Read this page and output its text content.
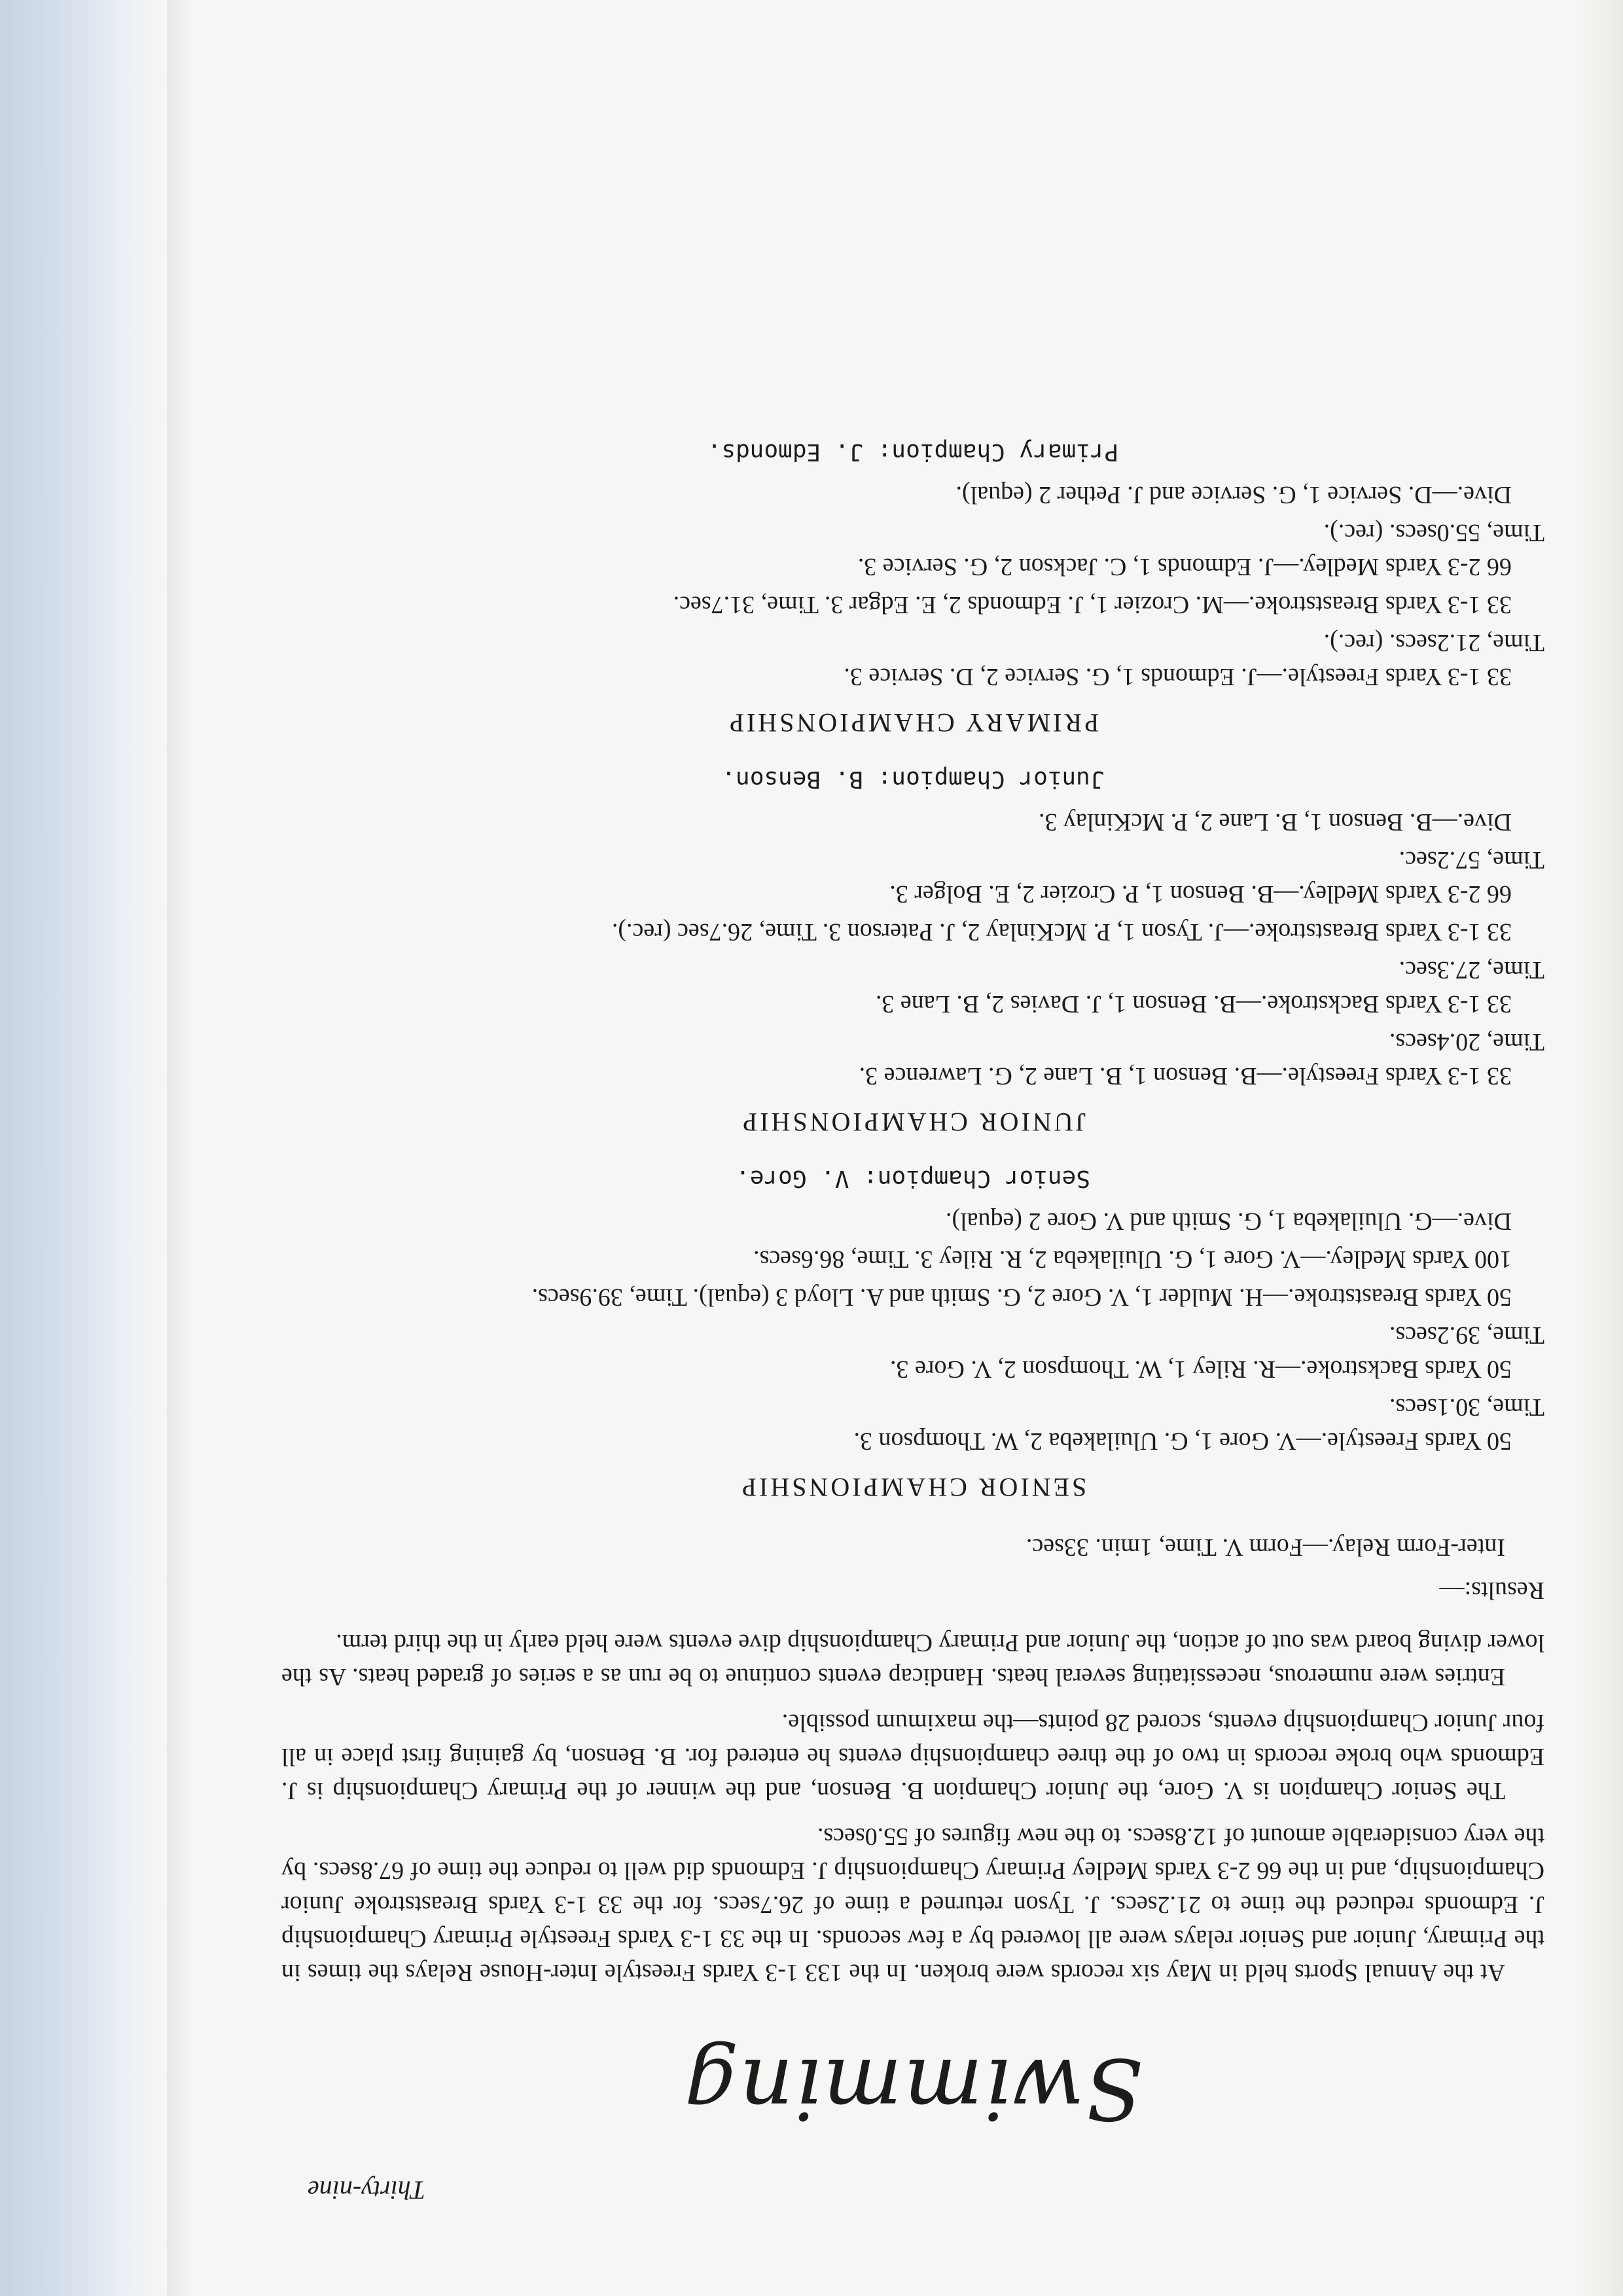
Thirty-nine
Swimming

At the Annual Sports held in May six records were broken. In the 133 1-3 Yards Freestyle Inter-House Relays the times in the Primary, Junior and Senior relays were all lowered by a few seconds. In the 33 1-3 Yards Freestyle Primary Championship J. Edmonds reduced the time to 21.2secs. J. Tyson returned a time of 26.7secs. for the 33 1-3 Yards Breaststroke Junior Championship, and in the 66 2-3 Yards Medley Primary Championship J. Edmonds did well to reduce the time of 67.8secs. by the very considerable amount of 12.8secs. to the new figures of 55.0secs.

The Senior Champion is V. Gore, the Junior Champion B. Benson, and the winner of the Primary Championship is J. Edmonds who broke records in two of the three championship events he entered for. B. Benson, by gaining first place in all four Junior Championship events, scored 28 points—the maximum possible.

Entries were numerous, necessitating several heats. Handicap events continue to be run as a series of graded heats. As the lower diving board was out of action, the Junior and Primary Championship dive events were held early in the third term.

Results:—
Inter-Form Relay.—Form V. Time, 1min. 33sec.
SENIOR CHAMPIONSHIP
50 Yards Freestyle.—V. Gore 1, G. Uluilakeba 2, W. Thompson 3.
Time, 30.1secs.
50 Yards Backstroke.—R. Riley 1, W. Thompson 2, V. Gore 3.
Time, 39.2secs.
50 Yards Breaststroke.—H. Mulder 1, V. Gore 2, G. Smith and A. Lloyd 3 (equal). Time, 39.9secs.
100 Yards Medley.—V. Gore 1, G. Uluilakeba 2, R. Riley 3. Time, 86.6secs.
Dive.—G. Uluilakeba 1, G. Smith and V. Gore 2 (equal).
Senior Champion: V. Gore.
JUNIOR CHAMPIONSHIP
33 1-3 Yards Freestyle.—B. Benson 1, B. Lane 2, G. Lawrence 3.
Time, 20.4secs.
33 1-3 Yards Backstroke.—B. Benson 1, J. Davies 2, B. Lane 3.
Time, 27.3sec.
33 1-3 Yards Breaststroke.—J. Tyson 1, P. McKinlay 2, J. Paterson 3. Time, 26.7sec (rec.).
66 2-3 Yards Medley.—B. Benson 1, P. Crozier 2, E. Bolger 3.
Time, 57.2sec.
Dive.—B. Benson 1, B. Lane 2, P. McKinlay 3.
Junior Champion: B. Benson.
PRIMARY CHAMPIONSHIP
33 1-3 Yards Freestyle.—J. Edmonds 1, G. Service 2, D. Service 3.
Time, 21.2secs. (rec.).
33 1-3 Yards Breaststroke.—M. Crozier 1, J. Edmonds 2, E. Edgar 3. Time, 31.7sec.
66 2-3 Yards Medley.—J. Edmonds 1, C. Jackson 2, G. Service 3.
Time, 55.0secs. (rec.).
Dive.—D. Service 1, G. Service and J. Pether 2 (equal).
Primary Champion: J. Edmonds.
